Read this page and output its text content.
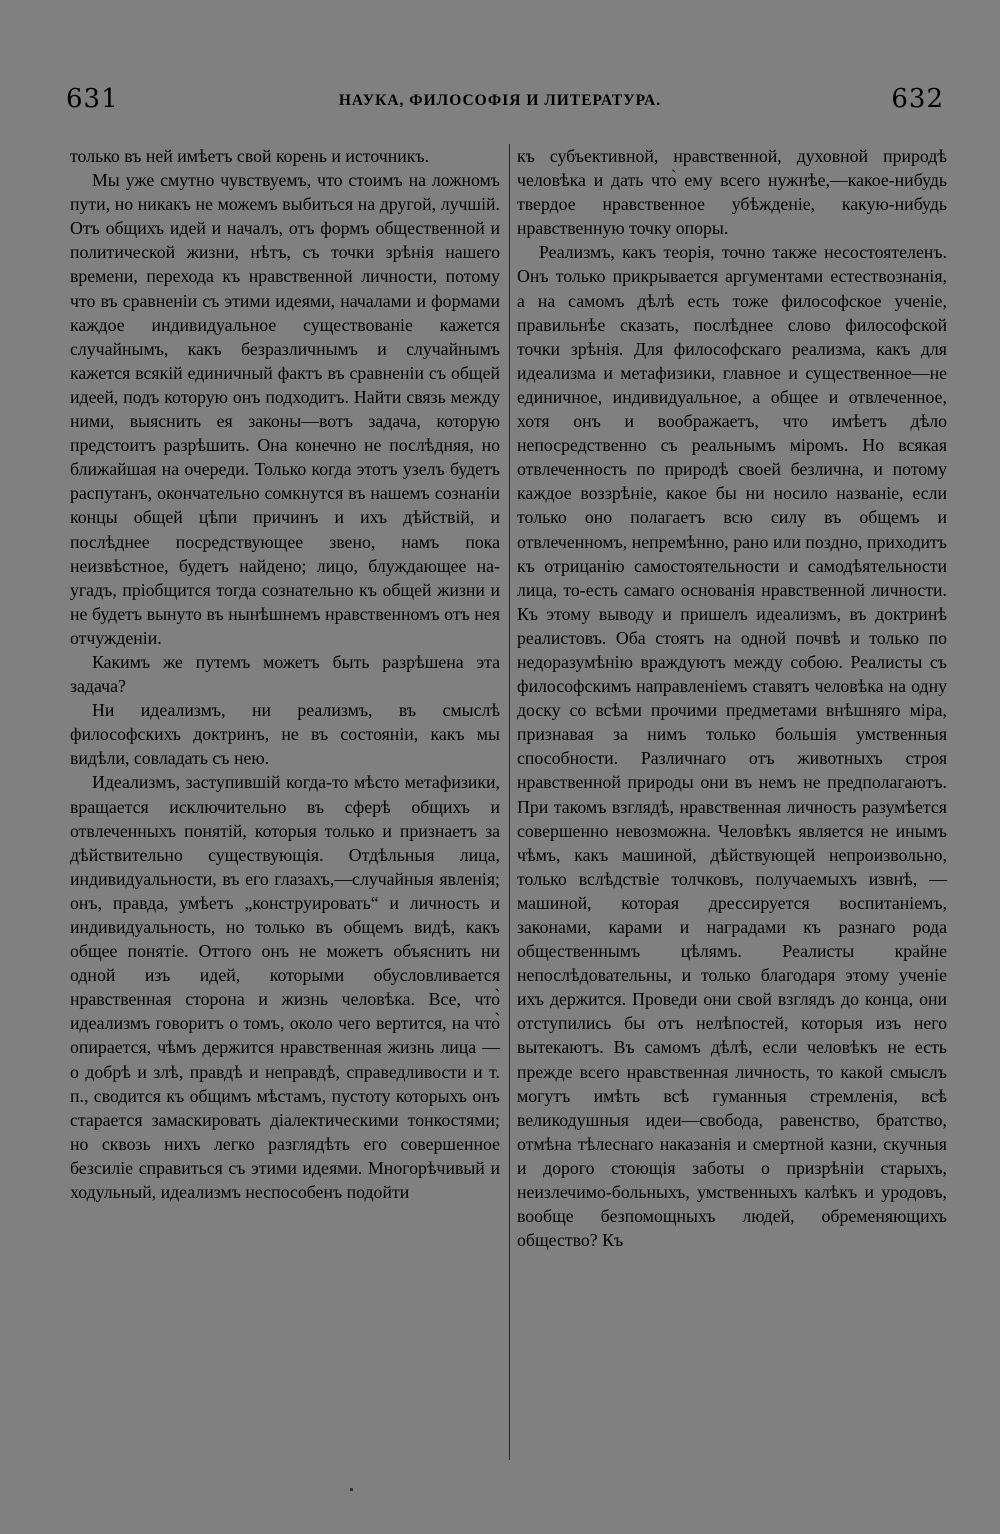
631	НАУКА, ФИЛОСОФІЯ И ЛИТЕРАТУРА.	632

только въ ней имѣетъ свой корень и источникъ.

Мы уже смутно чувствуемъ, что стоимъ на ложномъ пути, но никакъ не можемъ выбиться на другой, лучшій. Отъ общихъ идей и началъ, отъ формъ общественной и политической жизни, нѣтъ, съ точки зрѣнія нашего времени, перехода къ нравственной личности, потому что въ сравненіи съ этими идеями, началами и формами каждое индивидуальное существованіе кажется случайнымъ, какъ безразличнымъ и случайнымъ кажется всякій единичный фактъ въ сравненіи съ общей идеей, подъ которую онъ подходитъ. Найти связь между ними, выяснить ея законы—вотъ задача, которую предстоитъ разрѣшить. Она конечно не послѣдняя, но ближайшая на очереди. Только когда этотъ узелъ будетъ распутанъ, окончательно сомкнутся въ нашемъ сознаніи концы общей цѣпи причинъ и ихъ дѣйствій, и послѣднее посредствующее звено, намъ пока неизвѣстное, будетъ найдено; лицо, блуждающее на-угадъ, пріобщится тогда сознательно къ общей жизни и не будетъ вынуто въ нынѣшнемъ нравственномъ отъ нея отчужденіи.

Какимъ же путемъ можетъ быть разрѣшена эта задача?

Ни идеализмъ, ни реализмъ, въ смыслѣ философскихъ доктринъ, не въ состояніи, какъ мы видѣли, совладать съ нею.

Идеализмъ, заступившій когда-то мѣсто метафизики, вращается исключительно въ сферѣ общихъ и отвлеченныхъ понятій, которыя только и признаетъ за дѣйствительно существующія. Отдѣльныя лица, индивидуальности, въ его глазахъ,—случайныя явленія; онъ, правда, умѣетъ „конструировать“ и личность и индивидуальность, но только въ общемъ видѣ, какъ общее понятіе. Оттого онъ не можетъ объяснить ни одной изъ идей, которыми обусловливается нравственная сторона и жизнь человѣка. Все, что̀ идеализмъ говоритъ о томъ, около чего вертится, на что̀ опирается, чѣмъ держится нравственная жизнь лица — о добрѣ и злѣ, правдѣ и неправдѣ, справедливости и т. п., сводится къ общимъ мѣстамъ, пустоту которыхъ онъ старается замаскировать діалектическими тонкостями; но сквозь нихъ легко разглядѣть его совершенное безсиліе справиться съ этими идеями. Многорѣчивый и ходульный, идеализмъ неспособенъ подойти

къ субъективной, нравственной, духовной природѣ человѣка и дать что̀ ему всего нужнѣе,—какое-нибудь твердое нравственное убѣжденіе, какую-нибудь нравственную точку опоры.

Реализмъ, какъ теорія, точно также несостоятеленъ. Онъ только прикрывается аргументами естествознанія, а на самомъ дѣлѣ есть тоже философское ученіе, правильнѣе сказать, послѣднее слово философской точки зрѣнія. Для философскаго реализма, какъ для идеализма и метафизики, главное и существенное—не единичное, индивидуальное, а общее и отвлеченное, хотя онъ и воображаетъ, что имѣетъ дѣло непосредственно съ реальнымъ міромъ. Но всякая отвлеченность по природѣ своей безлична, и потому каждое воззрѣніе, какое бы ни носило названіе, если только оно полагаетъ всю силу въ общемъ и отвлеченномъ, непремѣнно, рано или поздно, приходитъ къ отрицанію самостоятельности и самодѣятельности лица, то-есть самаго основанія нравственной личности. Къ этому выводу и пришелъ идеализмъ, въ доктринѣ реалистовъ. Оба стоятъ на одной почвѣ и только по недоразумѣнію враждуютъ между собою. Реалисты съ философскимъ направленіемъ ставятъ человѣка на одну доску со всѣми прочими предметами внѣшняго міра, признавая за нимъ только большія умственныя способности. Различнаго отъ животныхъ строя нравственной природы они въ немъ не предполагаютъ. При такомъ взглядѣ, нравственная личность разумѣется совершенно невозможна. Человѣкъ является не инымъ чѣмъ, какъ машиной, дѣйствующей непроизвольно, только вслѣдствіе толчковъ, получаемыхъ извнѣ, — машиной, которая дрессируется воспитаніемъ, законами, карами и наградами къ разнаго рода общественнымъ цѣлямъ. Реалисты крайне непослѣдовательны, и только благодаря этому ученіе ихъ держится. Проведи они свой взглядъ до конца, они отступились бы отъ нелѣпостей, которыя изъ него вытекаютъ. Въ самомъ дѣлѣ, если человѣкъ не есть прежде всего нравственная личность, то какой смыслъ могутъ имѣть всѣ гуманныя стремленія, всѣ великодушныя идеи—свобода, равенство, братство, отмѣна тѣлеснаго наказанія и смертной казни, скучныя и дорого стоющія заботы о призрѣніи старыхъ, неизлечимо-больныхъ, умственныхъ калѣкъ и уродовъ, вообще безпомощныхъ людей, обременяющихъ общество? Къ
